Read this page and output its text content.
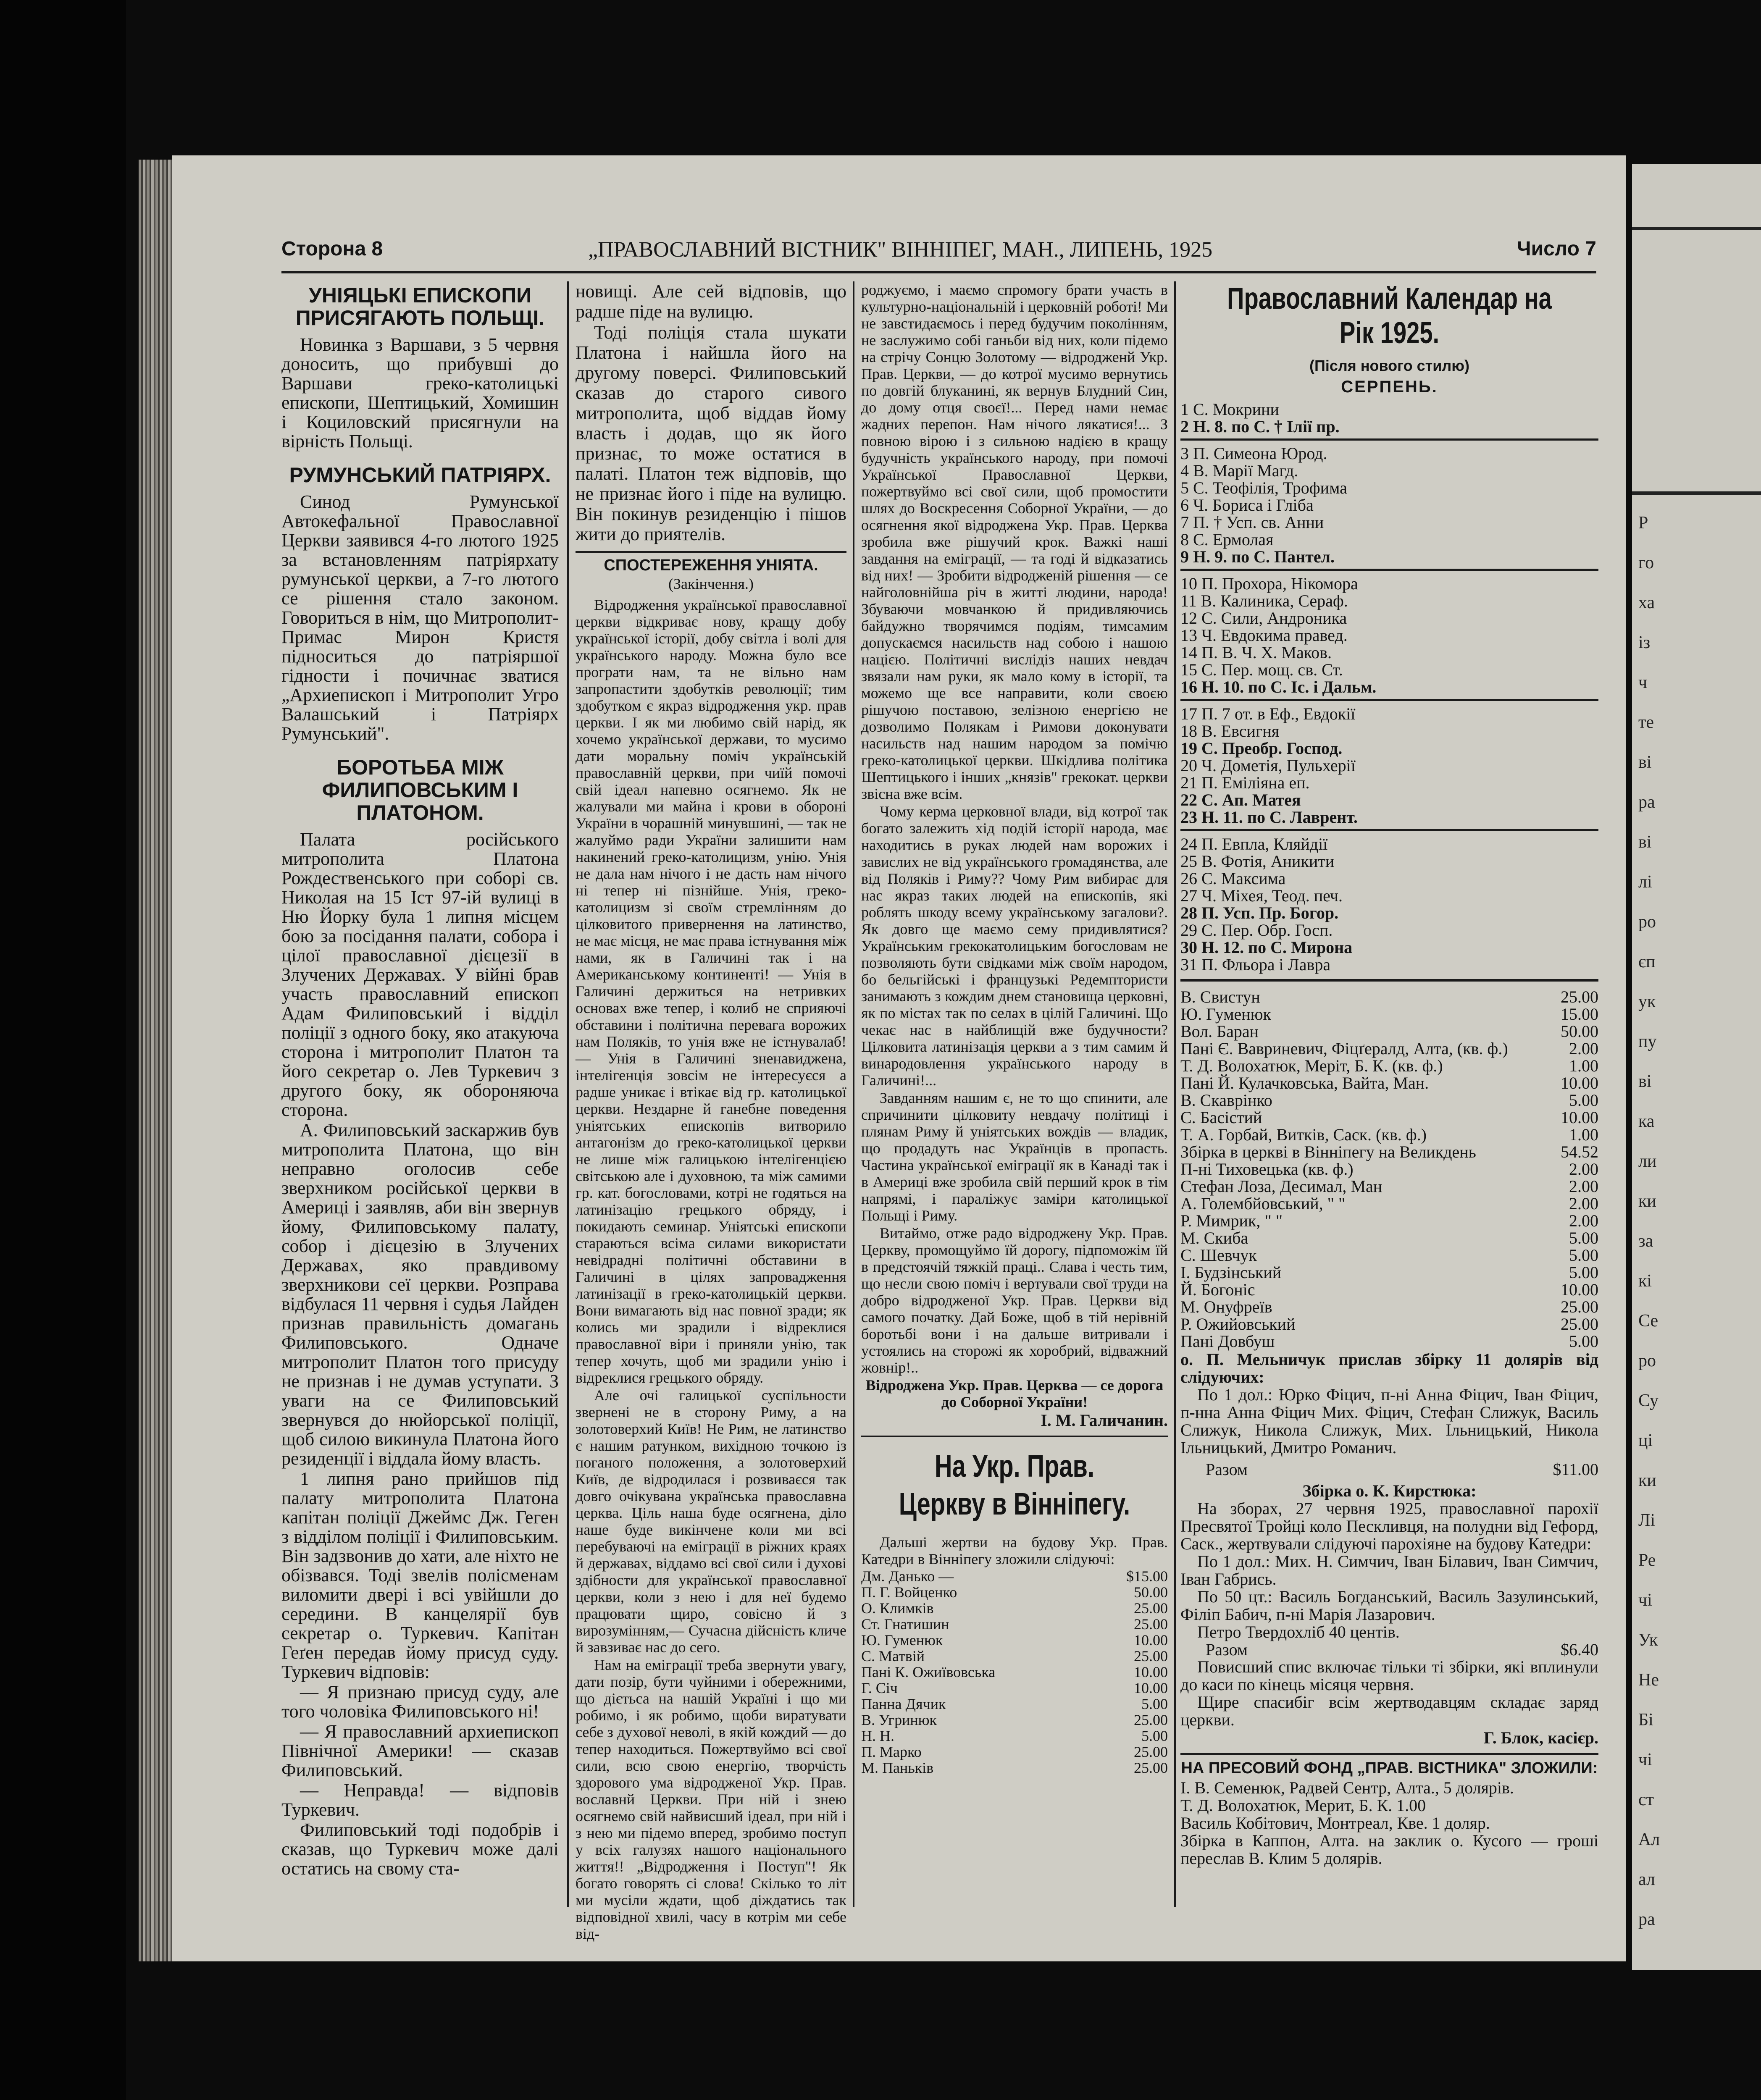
Р
го
ха
із
ч
те
ві
ра
ві
лі
ро
єп
ук
пу
ві
ка
ли
ки
за
кі
Се
ро
Су
ці
ки
Лі
Ре
чі
Ук
Не
Бі
чі
ст
Ал
ал
ра
Сторона 8	„ПРАВОСЛАВНИЙ ВІСТНИК" ВІННІПЕГ, МАН., ЛИПЕНЬ, 1925	Число 7
УНІЯЦЬКІ ЕПИСКОПИ ПРИСЯГАЮТЬ ПОЛЬЩІ.

Новинка з Варшави, з 5 червня доносить, що прибувші до Варшави греко-католицькі епископи, Шептицький, Хомишин і Коциловский присягнули на вірність Польщі.

РУМУНСЬКИЙ ПАТРІЯРХ.

Синод Румунської Автокефальної Православної Церкви заявився 4-го лютого 1925 за встановленням патріярхату румунської церкви, а 7-го лютого се рішення стало законом. Говориться в нім, що Митрополит-Примас Мирон Кристя підноситься до патріяршої гідности і почичнає зватися „Архиепископ і Митрополит Угро Валашський і Патріярх Румунський".

БОРОТЬБА МІЖ ФИЛИПОВСЬКИМ І ПЛАТОНОМ.

Палата російського митрополита Платона Рождественського при соборі св. Николая на 15 Іст 97-ій вулиці в Ню Йорку була 1 липня місцем бою за посідання палати, собора і цілої православної дієцезії в Злучених Державах. У війні брав участь православний епископ Адам Филиповський і відділ поліції з одного боку, яко атакуюча сторона і митрополит Платон та його секретар о. Лев Туркевич з другого боку, як обороняюча сторона.

А. Филиповський заскаржив був митрополита Платона, що він неправно оголосив себе зверхником російської церкви в Америці і заявляв, аби він звернув йому, Филиповському палату, собор і дієцезію в Злучених Державах, яко правдивому зверхникови сеї церкви. Розправа відбулася 11 червня і судья Лайден признав правильність домагань Филиповського. Одначе митрополит Платон того присуду не признав і не думав уступати. З уваги на се Филиповський звернувся до нюйорської поліції, щоб силою викинула Платона його резиденції і віддала йому власть.

1 липня рано прийшов під палату митрополита Платона капітан поліції Джеймс Дж. Геген з відділом поліції і Филиповським. Він задзвонив до хати, але ніхто не обізвався. Тоді звелів полісменам виломити двері і всі увійшли до середини. В канцелярії був секретар о. Туркевич. Капітан Геґен передав йому присуд суду. Туркевич відповів:

— Я признаю присуд суду, але того чоловіка Филиповського ні!

— Я православний архиепископ Північної Америки! — сказав Филиповський.

— Неправда! — відповів Туркевич.

Филиповський тоді подобрів і сказав, що Туркевич може далі остатись на свому ста-

новищі. Але сей відповів, що радше піде на вулицю.

Тоді поліція стала шукати Платона і найшла його на другому поверсі. Филиповський сказав до старого сивого митрополита, щоб віддав йому власть і додав, що як його признає, то може остатися в палаті. Платон теж відповів, що не признає його і піде на вулицю. Він покинув резиденцію і пішов жити до приятелів.

СПОСТЕРЕЖЕННЯ УНІЯТА.
(Закінчення.)

Відродження української православної церкви відкриває нову, кращу добу української історії, добу світла і волі для українського народу. Можна було все програти нам, та не вільно нам запропастити здобутків революції; тим здобутком є якраз відродження укр. прав церкви. І як ми любимо свій нарід, як хочемо української держави, то мусимо дати моральну поміч українській православній церкви, при чиїй помочі свій ідеал напевно осягнемо. Як не жалували ми майна і крови в обороні України в чорашній минувшині, — так не жалуймо ради України залишити нам накинений греко-католицизм, унію. Унія не дала нам нічого і не дасть нам нічого ні тепер ні пізнійше. Унія, греко-католицизм зі своїм стремлінням до цілковитого привернення на латинство, не має місця, не має права істнування між нами, як в Галичині так і на Американському континенті! — Унія в Галичині держиться на нетривких основах вже тепер, і колиб не сприяючі обставини і політична перевага ворожих нам Поляків, то унія вже не істнувалаб! — Унія в Галичині зненавиджена, інтелігенція зовсім не інтересуєся а радше уникає і втікає від гр. католицької церкви. Нездарне й ганебне поведення уніятських епископів витворило антагонізм до греко-католицької церкви не лише між галицькою інтелігенцією світською але і духовною, та між самими гр. кат. богословами, котрі не годяться на латинізацію грецького обряду, і покидають семинар. Уніятські епископи стараються всіма силами використати невідрадні політичні обставини в Галичині в цілях запровадження латинізації в греко-католицькій церкви. Вони вимагають від нас повної зради; як колись ми зрадили і відреклися православної віри і приняли унію, так тепер хочуть, щоб ми зрадили унію і відреклися грецького обряду.

Але очі галицької суспільности звернені не в сторону Риму, а на золотоверхий Київ! Не Рим, не латинство є нашим ратунком, вихідною точкою із поганого положення, а золотоверхий Київ, де відродилася і розвиваєся так довго очікувана українська православна церква. Ціль наша буде осягнена, діло наше буде викінчене коли ми всі перебуваючі на еміграції в ріжних краях й державах, віддамо всі свої сили і духові здібности для української православної церкви, коли з нею і для неї будемо працювати щиро, совісно й з вирозумінням,— Сучасна дійсність кличе й завзиває нас до сего.

Нам на еміграції треба звернути увагу, дати позір, бути чуйними і обережними, що дієтьса на нашій Україні і що ми робимо, і як робимо, щоби виратувати себе з духової неволі, в якій кождий — до тепер находиться. Пожертвуймо всі свої сили, всю свою енергію, творчість здорового ума відродженої Укр. Прав. вославнй Церкви. При ній і знею осягнемо свій найвисший ідеал, при ній і з нею ми підемо вперед, зробимо поступ у всіх галузях нашого національного життя!! „Відродження і Поступ"! Як богато говорять сі слова! Скілько то літ ми мусіли ждати, щоб діждатись так відповідної хвилі, часу в котрім ми себе від-

роджуємо, і маємо спромогу брати участь в культурно-національній і церковній роботі! Ми не завстидаємось і перед будучим поколінням, не заслужимо собі ганьби від них, коли підемо на стрічу Сонцю Золотому — відродженй Укр. Прав. Церкви, — до котрої мусимо вернутись по довгій блуканині, як вернув Блудний Син, до дому отця своєї!... Перед нами немає жадних перепон. Нам нічого лякатися!... З повною вірою і з сильною надією в кращу будучність українського народу, при помочі Української Православної Церкви, пожертвуймо всі свої сили, щоб промостити шлях до Воскресення Соборної України, — до осягнення якої відроджена Укр. Прав. Церква зробила вже рішучий крок. Важкі наші завдання на еміграції, — та годі й відказатись від них! — Зробити відродженій рішення — се найголовнійша річ в житті людини, народа! Збуваючи мовчанкою й придивляючись байдужно творячимся подіям, тимсамим допускаємся насильств над собою і нашою нацією. Політичні вислідіз наших невдач звязали нам руки, як мало кому в історії, та можемо ще все направити, коли своєю рішучою поставою, зелізною енергією не дозволимо Полякам і Римови доконувати насильств над нашим народом за помічю греко-католицької церкви. Шкідлива політика Шептицького і інших „князів" грекокат. церкви звісна вже всім.

Чому керма церковної влади, від котрої так богато залежить хід подій історії народа, має находитись в руках людей нам ворожих і завислих не від українського громадянства, але від Поляків і Риму?? Чому Рим вибирає для нас якраз таких людей на епископів, які роблять шкоду всему українському загалови?. Як довго ще маємо сему придивлятися? Українським грекокатолицьким богословам не позволяють бути свідками між своїм народом, бо бельгійські і французькі Редемптористи занимають з кождим днем становища церковні, як по містах так по селах в цілій Галичині. Що чекає нас в найблищій вже будучности? Цілковита латинізація церкви а з тим самим й винародовлення українського народу в Галичині!...

Завданням нашим є, не то що спинити, але спричинити цілковиту невдачу політиці і плянам Риму й уніятських вождів — владик, що продадуть нас Українців в пропасть. Частина української еміграції як в Канаді так і в Америці вже зробила свій перший крок в тім напрямі, і параліжує заміри католицької Польщі і Риму.

Витаймо, отже радо відроджену Укр. Прав. Церкву, промощуймо їй дорогу, підпоможім їй в предстоячій тяжкій праці.. Слава і честь тим, що несли свою поміч і вертували свої труди на добро відродженої Укр. Прав. Церкви від самого початку. Дай Боже, щоб в тій нерівній боротьбі вони і на дальше витривали і устоялись на сторожі як хоробрий, відважний жовнір!..

Відроджена Укр. Прав. Церква — се дорога до Соборної України!

І. М. Галичанин.
На Укр. Прав. Церкву в Вінніпегу.

Дальші жертви на будову Укр. Прав. Катедри в Вінніпегу зложили слідуючі:

Дм. Данько —	$15.00
П. Г. Войценко	50.00
О. Климків	25.00
Ст. Гнатишин	25.00
Ю. Гуменюк	10.00
С. Матвій	25.00
Пані К. Ожиївовська	10.00
Г. Січ	10.00
Панна Дячик	5.00
В. Угринюк	25.00
Н. Н.	5.00
П. Марко	25.00
М. Паньків	25.00
Православний Календар на Рік 1925.
(Після нового стилю)
СЕРПЕНЬ.
1 С. Мокрини
2 Н. 8. по С. † Ілії пр.
3 П. Симеона Юрод.
4 В. Марії Магд.
5 С. Теофілія, Трофима
6 Ч. Бориса і Гліба
7 П. † Усп. св. Анни
8 С. Ермолая
9 Н. 9. по С. Пантел.
10 П. Прохора, Нікомора
11 В. Калиника, Сераф.
12 С. Сили, Андроника
13 Ч. Евдокима правед.
14 П. В. Ч. Х. Маков.
15 С. Пер. мощ. св. Ст.
16 Н. 10. по С. Іс. і Дальм.
17 П. 7 от. в Еф., Евдокії
18 В. Евсигня
19 С. Преобр. Госпoд.
20 Ч. Дометія, Пульхерії
21 П. Еміліяна еп.
22 С. Ап. Матея
23 Н. 11. по С. Лаврент.
24 П. Евпла, Кляйдії
25 В. Фотія, Аникити
26 С. Максима
27 Ч. Міхея, Теод. печ.
28 П. Усп. Пр. Богор.
29 С. Пер. Обр. Госп.
30 Н. 12. по С. Мирона
31 П. Фльора і Лавра
В. Свистун	25.00
Ю. Гуменюк	15.00
Вол. Баран	50.00
Пані Є. Вавриневич, Фіцґералд, Алта, (кв. ф.)	2.00
Т. Д. Волохатюк, Меріт, Б. К. (кв. ф.)	1.00
Пані Й. Кулачковська, Вайта, Ман.	10.00
В. Скаврінко	5.00
С. Басістий	10.00
Т. А. Горбай, Витків, Саск. (кв. ф.)	1.00
Збірка в церкві в Вінніпегу на Великдень	54.52
П-ні Тиховецька (кв. ф.)	2.00
Стефан Лоза, Десимал, Ман	2.00
А. Голембйовський, " "	2.00
Р. Мимрик, " "	2.00
М. Скиба	5.00
С. Шевчук	5.00
І. Будзінський	5.00
Й. Богоніс	10.00
М. Онуфреїв	25.00
Р. Ожийовський	25.00
Пані Довбуш	5.00
о. П. Мельничук прислав збірку 11 долярів від слідуючих:

По 1 дол.: Юрко Фіцич, п-ні Анна Фіцич, Іван Фіцич, п-нна Анна Фіцич Мих. Фіцич, Стефан Слижук, Василь Слижук, Никола Слижук, Мих. Ільницький, Никола Ільницький, Дмитро Романич.

Разом	$11.00
Збірка о. К. Кирстюка:

На зборах, 27 червня 1925, православної парохії Пресвятої Тройці коло Пескливця, на полудни від Гефорд, Саск., жертвували слідуючі парохіяне на будову Катедри:

По 1 дол.: Мих. Н. Симчич, Іван Білавич, Іван Симчич, Іван Габрись.

По 50 цт.: Василь Богданський, Василь Зазулинський, Філіп Бабич, п-ні Марія Лазарович.

Петро Твердохліб 40 центів.

Разом	$6.40

Повисший спис включає тільки ті збірки, які вплинули до каси по кінець місяця червня.

Щире спасибіг всім жертводавцям складає заряд церкви.

Г. Блок, касієр.
НА ПРЕСОВИЙ ФОНД „ПРАВ. ВІСТНИКА" ЗЛОЖИЛИ:
І. В. Семенюк, Радвей Сентр, Алта., 5 долярів.
Т. Д. Волохатюк, Мерит, Б. К. 1.00
Василь Кобітович, Монтреал, Кве. 1 доляр.
Збірка в Каппон, Алта. на заклик о. Кусого — гроші переслав В. Клим 5 долярів.
